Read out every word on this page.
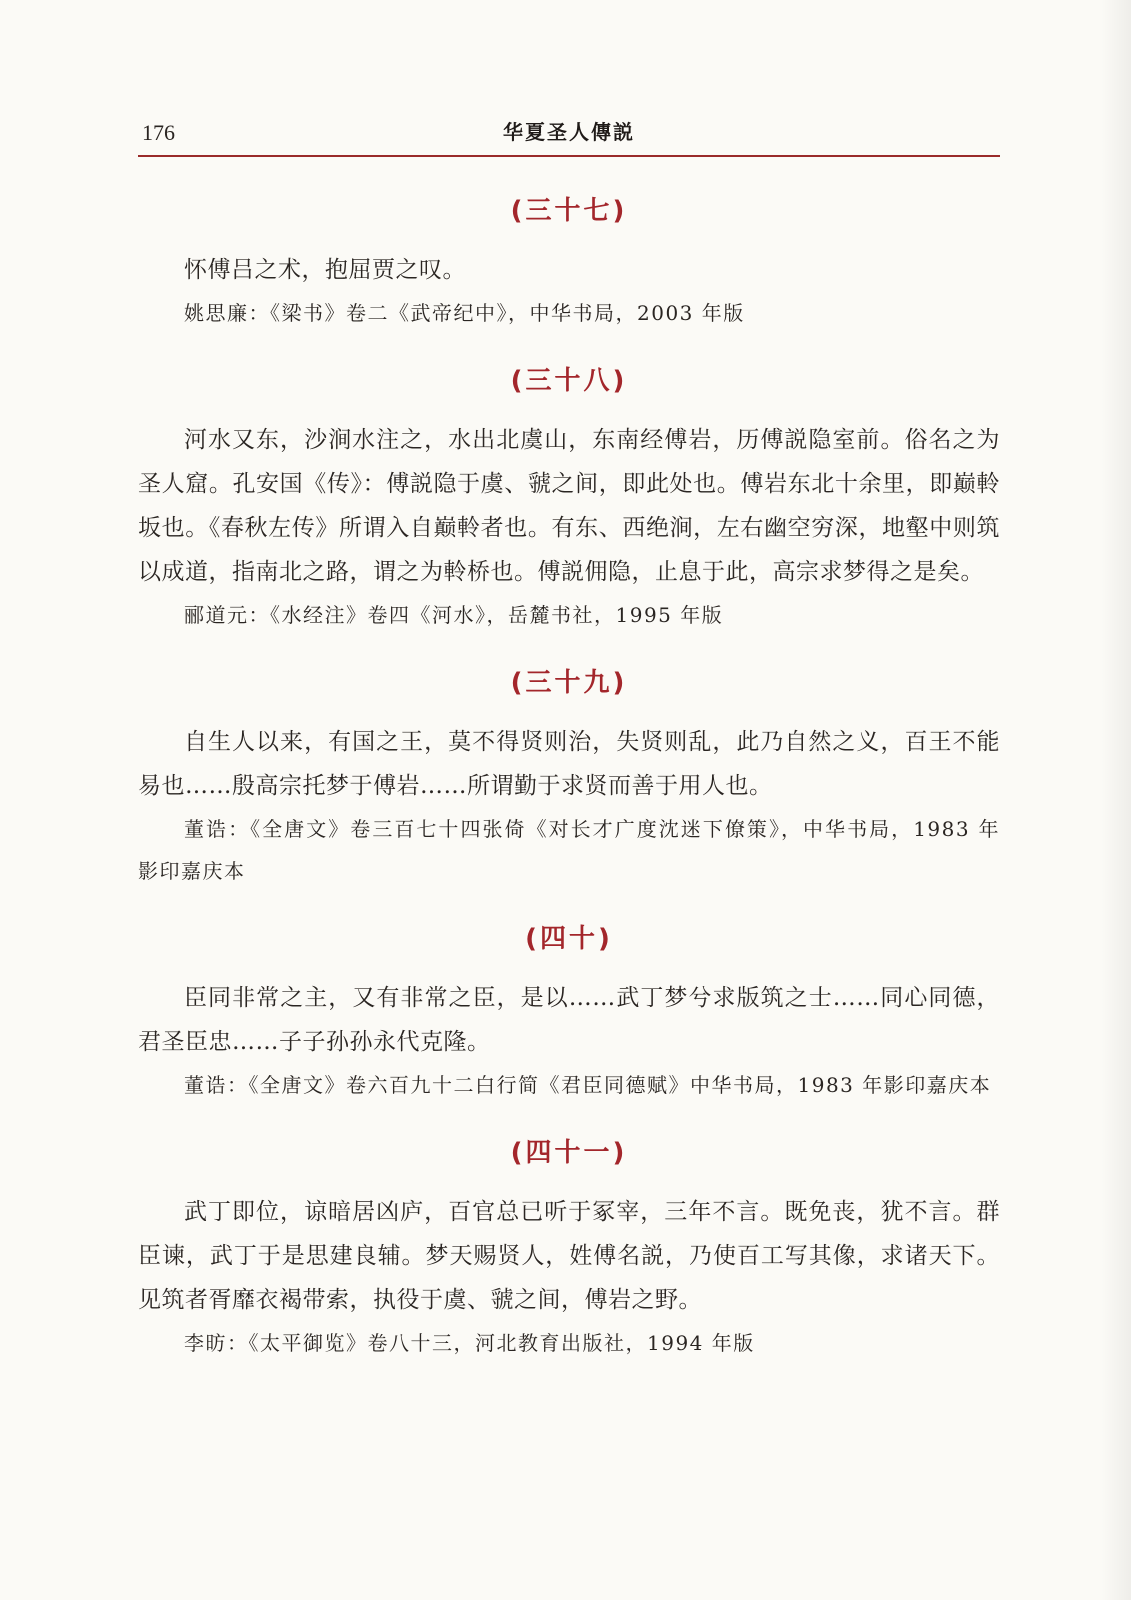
176	华夏圣人傳説
(三十七)

怀傅吕之术，抱屈贾之叹。

姚思廉：《梁书》卷二《武帝纪中》，中华书局，2003 年版

(三十八)

河水又东，沙涧水注之，水出北虞山，东南经傅岩，历傅説隐室前。俗名之为圣人窟。孔安国《传》：傅説隐于虞、虢之间，即此处也。傅岩东北十余里，即巅軨坂也。《春秋左传》所谓入自巅軨者也。有东、西绝涧，左右幽空穷深，地壑中则筑以成道，指南北之路，谓之为軨桥也。傅説佣隐，止息于此，高宗求梦得之是矣。

郦道元：《水经注》卷四《河水》，岳麓书社，1995 年版

(三十九)

自生人以来，有国之王，莫不得贤则治，失贤则乱，此乃自然之义，百王不能易也……殷高宗托梦于傅岩……所谓勤于求贤而善于用人也。

董诰：《全唐文》卷三百七十四张倚《对长才广度沈迷下僚策》，中华书局，1983 年影印嘉庆本

(四十)

臣同非常之主，又有非常之臣，是以……武丁梦兮求版筑之士……同心同德，君圣臣忠……子子孙孙永代克隆。

董诰：《全唐文》卷六百九十二白行简《君臣同德赋》中华书局，1983 年影印嘉庆本

(四十一)

武丁即位，谅暗居凶庐，百官总已听于冢宰，三年不言。既免丧，犹不言。群臣谏，武丁于是思建良辅。梦天赐贤人，姓傅名説，乃使百工写其像，求诸天下。见筑者胥靡衣褐带索，执役于虞、虢之间，傅岩之野。

李昉：《太平御览》卷八十三，河北教育出版社，1994 年版
